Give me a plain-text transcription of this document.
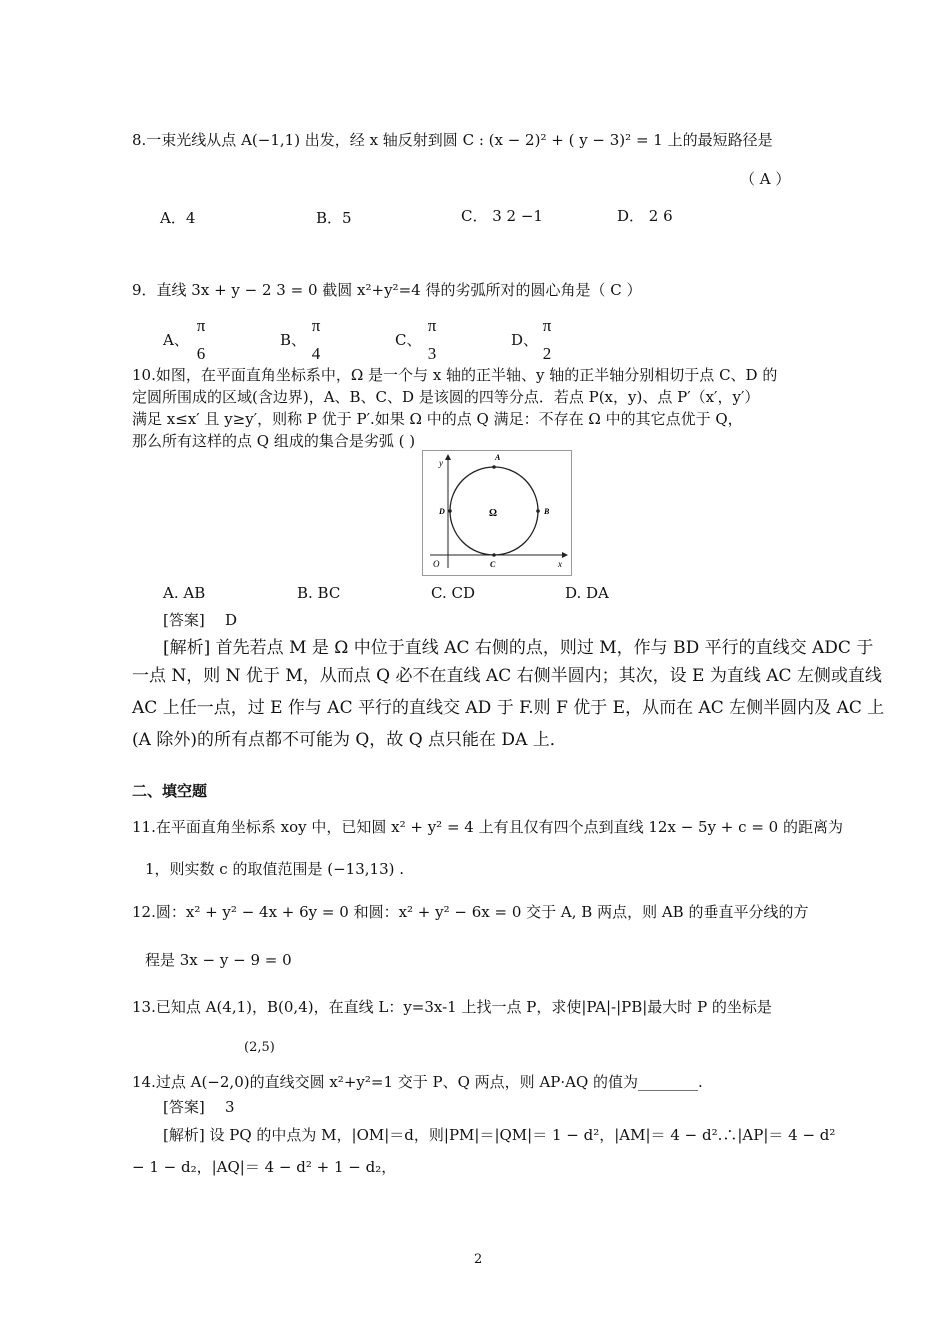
8.一束光线从点 A(−1,1) 出发，经 x 轴反射到圆 C : (x − 2)² + ( y − 3)² = 1 上的最短路径是
（ A ）
A．4	B．5	C． 3 2 −1	D． 2 6
9．直线 3x + y − 2 3 = 0 截圆 x²+y²=4 得的劣弧所对的圆心角是（ C ）
A、
π
6
B、
π
4
C、
π
3
D、
π
2
10.如图，在平面直角坐标系中，Ω 是一个与 x 轴的正半轴、y 轴的正半轴分别相切于点 C、D 的
定圆所围成的区域(含边界)，A、B、C、D 是该圆的四等分点．若点 P(x，y)、点 P′（x′，y′）
满足 x≤x′ 且 y≥y′，则称 P 优于 P′.如果 Ω 中的点 Q 满足：不存在 Ω 中的其它点优于 Q，
那么所有这样的点 Q 组成的集合是劣弧 ( )
y
x
O
Ω
A
B
C
D
A. AB	B. BC	C. CD	D. DA
[答案] D
[解析] 首先若点 M 是 Ω 中位于直线 AC 右侧的点，则过 M，作与 BD 平行的直线交 ADC 于
一点 N，则 N 优于 M，从而点 Q 必不在直线 AC 右侧半圆内；其次，设 E 为直线 AC 左侧或直线
AC 上任一点，过 E 作与 AC 平行的直线交 AD 于 F.则 F 优于 E，从而在 AC 左侧半圆内及 AC 上
(A 除外)的所有点都不可能为 Q，故 Q 点只能在 DA 上．
二、填空题
11.在平面直角坐标系 xoy 中，已知圆 x² + y² = 4 上有且仅有四个点到直线 12x − 5y + c = 0 的距离为
1，则实数 c 的取值范围是 (−13,13) .
12.圆：x² + y² − 4x + 6y = 0 和圆：x² + y² − 6x = 0 交于 A, B 两点，则 AB 的垂直平分线的方
程是 3x − y − 9 = 0
13.已知点 A(4,1)，B(0,4)，在直线 L：y=3x-1 上找一点 P，求使|PA|-|PB|最大时 P 的坐标是
(2,5)
14.过点 A(−2,0)的直线交圆 x²+y²=1 交于 P、Q 两点，则 AP·AQ 的值为________.
[答案] 3
[解析] 设 PQ 的中点为 M，|OM|＝d，则|PM|＝|QM|＝ 1 − d²，|AM|＝ 4 − d².∴|AP|＝ 4 − d²
− 1 − d₂，|AQ|＝ 4 − d² + 1 − d₂，
2
